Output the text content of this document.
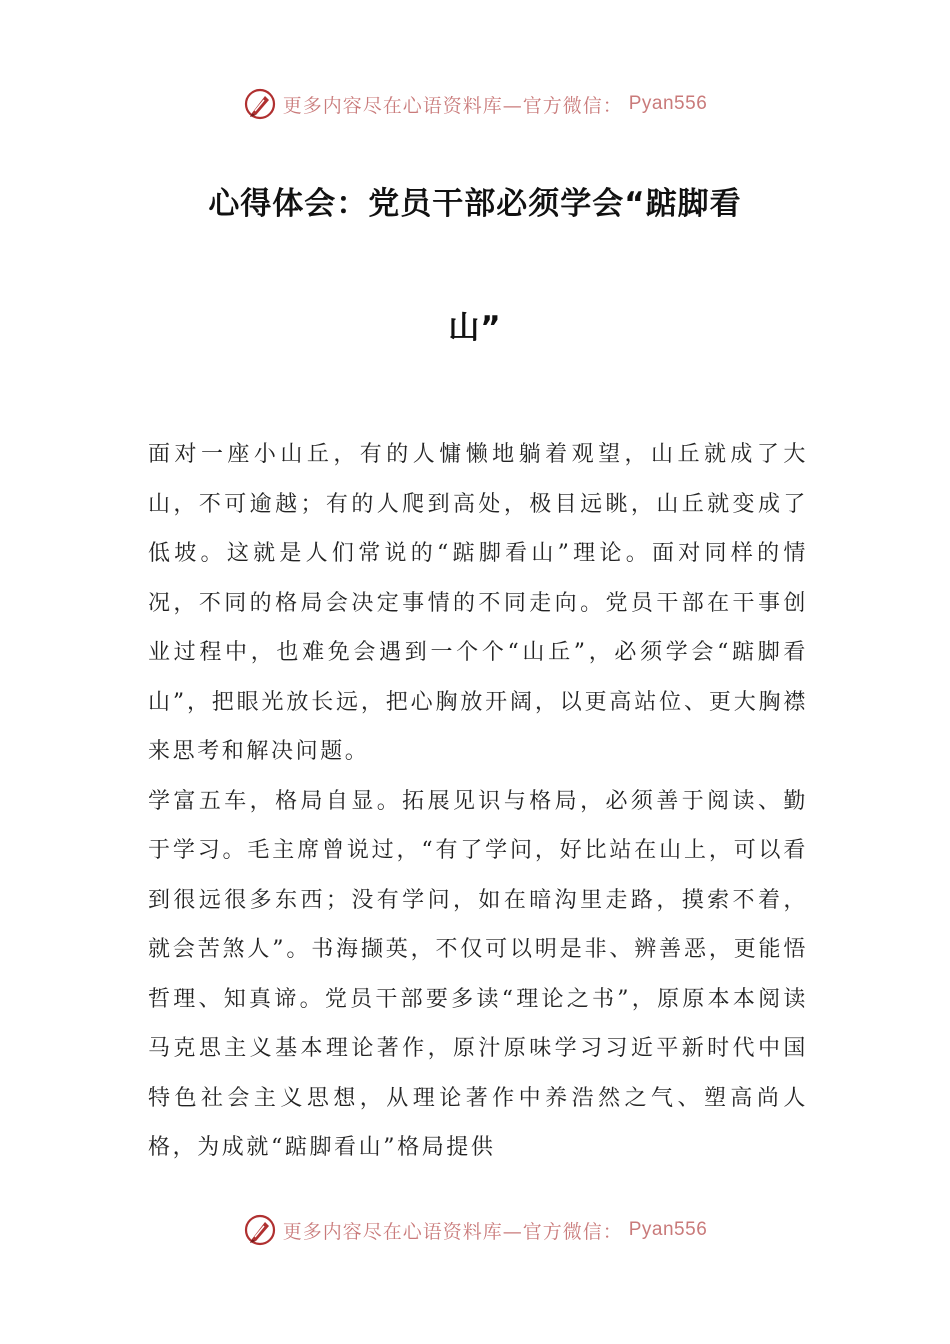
更多内容尽在心语资料库—官方微信： Pyan556
心得体会：党员干部必须学会“踮脚看
山”

面对一座小山丘，有的人慵懒地躺着观望，山丘就成了大山，不可逾越；有的人爬到高处，极目远眺，山丘就变成了低坡。这就是人们常说的“踮脚看山”理论。面对同样的情况，不同的格局会决定事情的不同走向。党员干部在干事创业过程中，也难免会遇到一个个“山丘”，必须学会“踮脚看山”，把眼光放长远，把心胸放开阔，以更高站位、更大胸襟来思考和解决问题。

学富五车，格局自显。拓展见识与格局，必须善于阅读、勤于学习。毛主席曾说过，“有了学问，好比站在山上，可以看到很远很多东西；没有学问，如在暗沟里走路，摸索不着，就会苦煞人”。书海撷英，不仅可以明是非、辨善恶，更能悟哲理、知真谛。党员干部要多读“理论之书”，原原本本阅读马克思主义基本理论著作，原汁原味学习习近平新时代中国特色社会主义思想，从理论著作中养浩然之气、塑高尚人格，为成就“踮脚看山”格局提供

更多内容尽在心语资料库—官方微信： Pyan556
